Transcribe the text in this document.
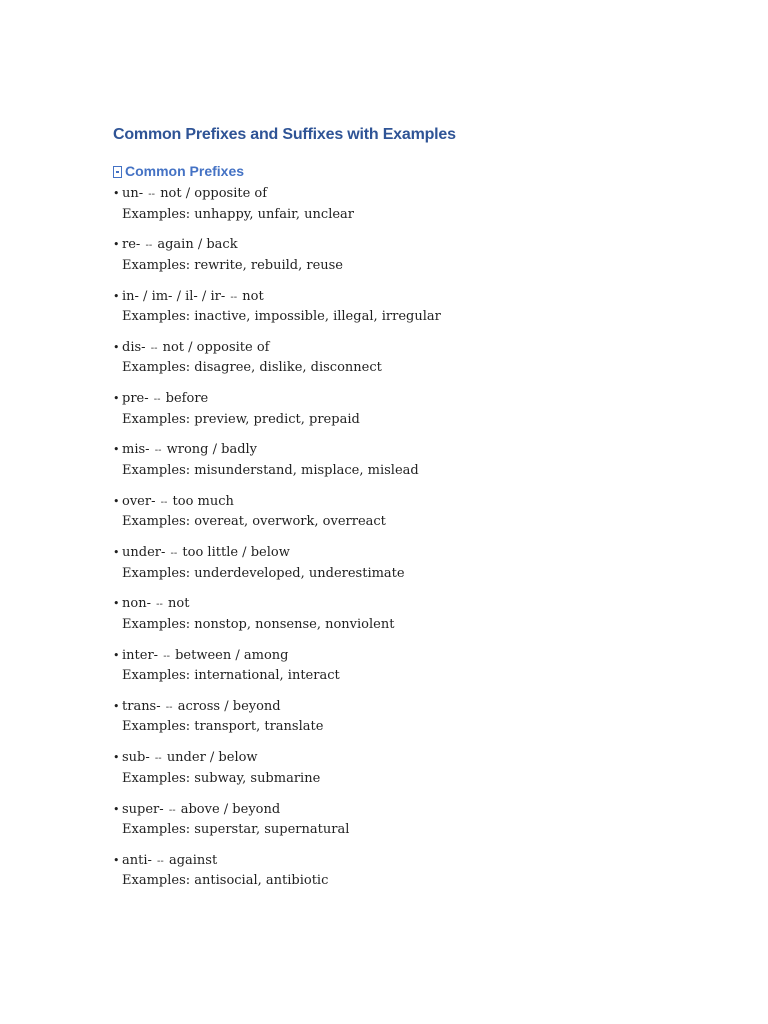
Common Prefixes and Suffixes with Examples
Common Prefixes
• un- -- not / opposite of
Examples: unhappy, unfair, unclear
• re- -- again / back
Examples: rewrite, rebuild, reuse
• in- / im- / il- / ir- -- not
Examples: inactive, impossible, illegal, irregular
• dis- -- not / opposite of
Examples: disagree, dislike, disconnect
• pre- -- before
Examples: preview, predict, prepaid
• mis- -- wrong / badly
Examples: misunderstand, misplace, mislead
• over- -- too much
Examples: overeat, overwork, overreact
• under- -- too little / below
Examples: underdeveloped, underestimate
• non- -- not
Examples: nonstop, nonsense, nonviolent
• inter- -- between / among
Examples: international, interact
• trans- -- across / beyond
Examples: transport, translate
• sub- -- under / below
Examples: subway, submarine
• super- -- above / beyond
Examples: superstar, supernatural
• anti- -- against
Examples: antisocial, antibiotic
